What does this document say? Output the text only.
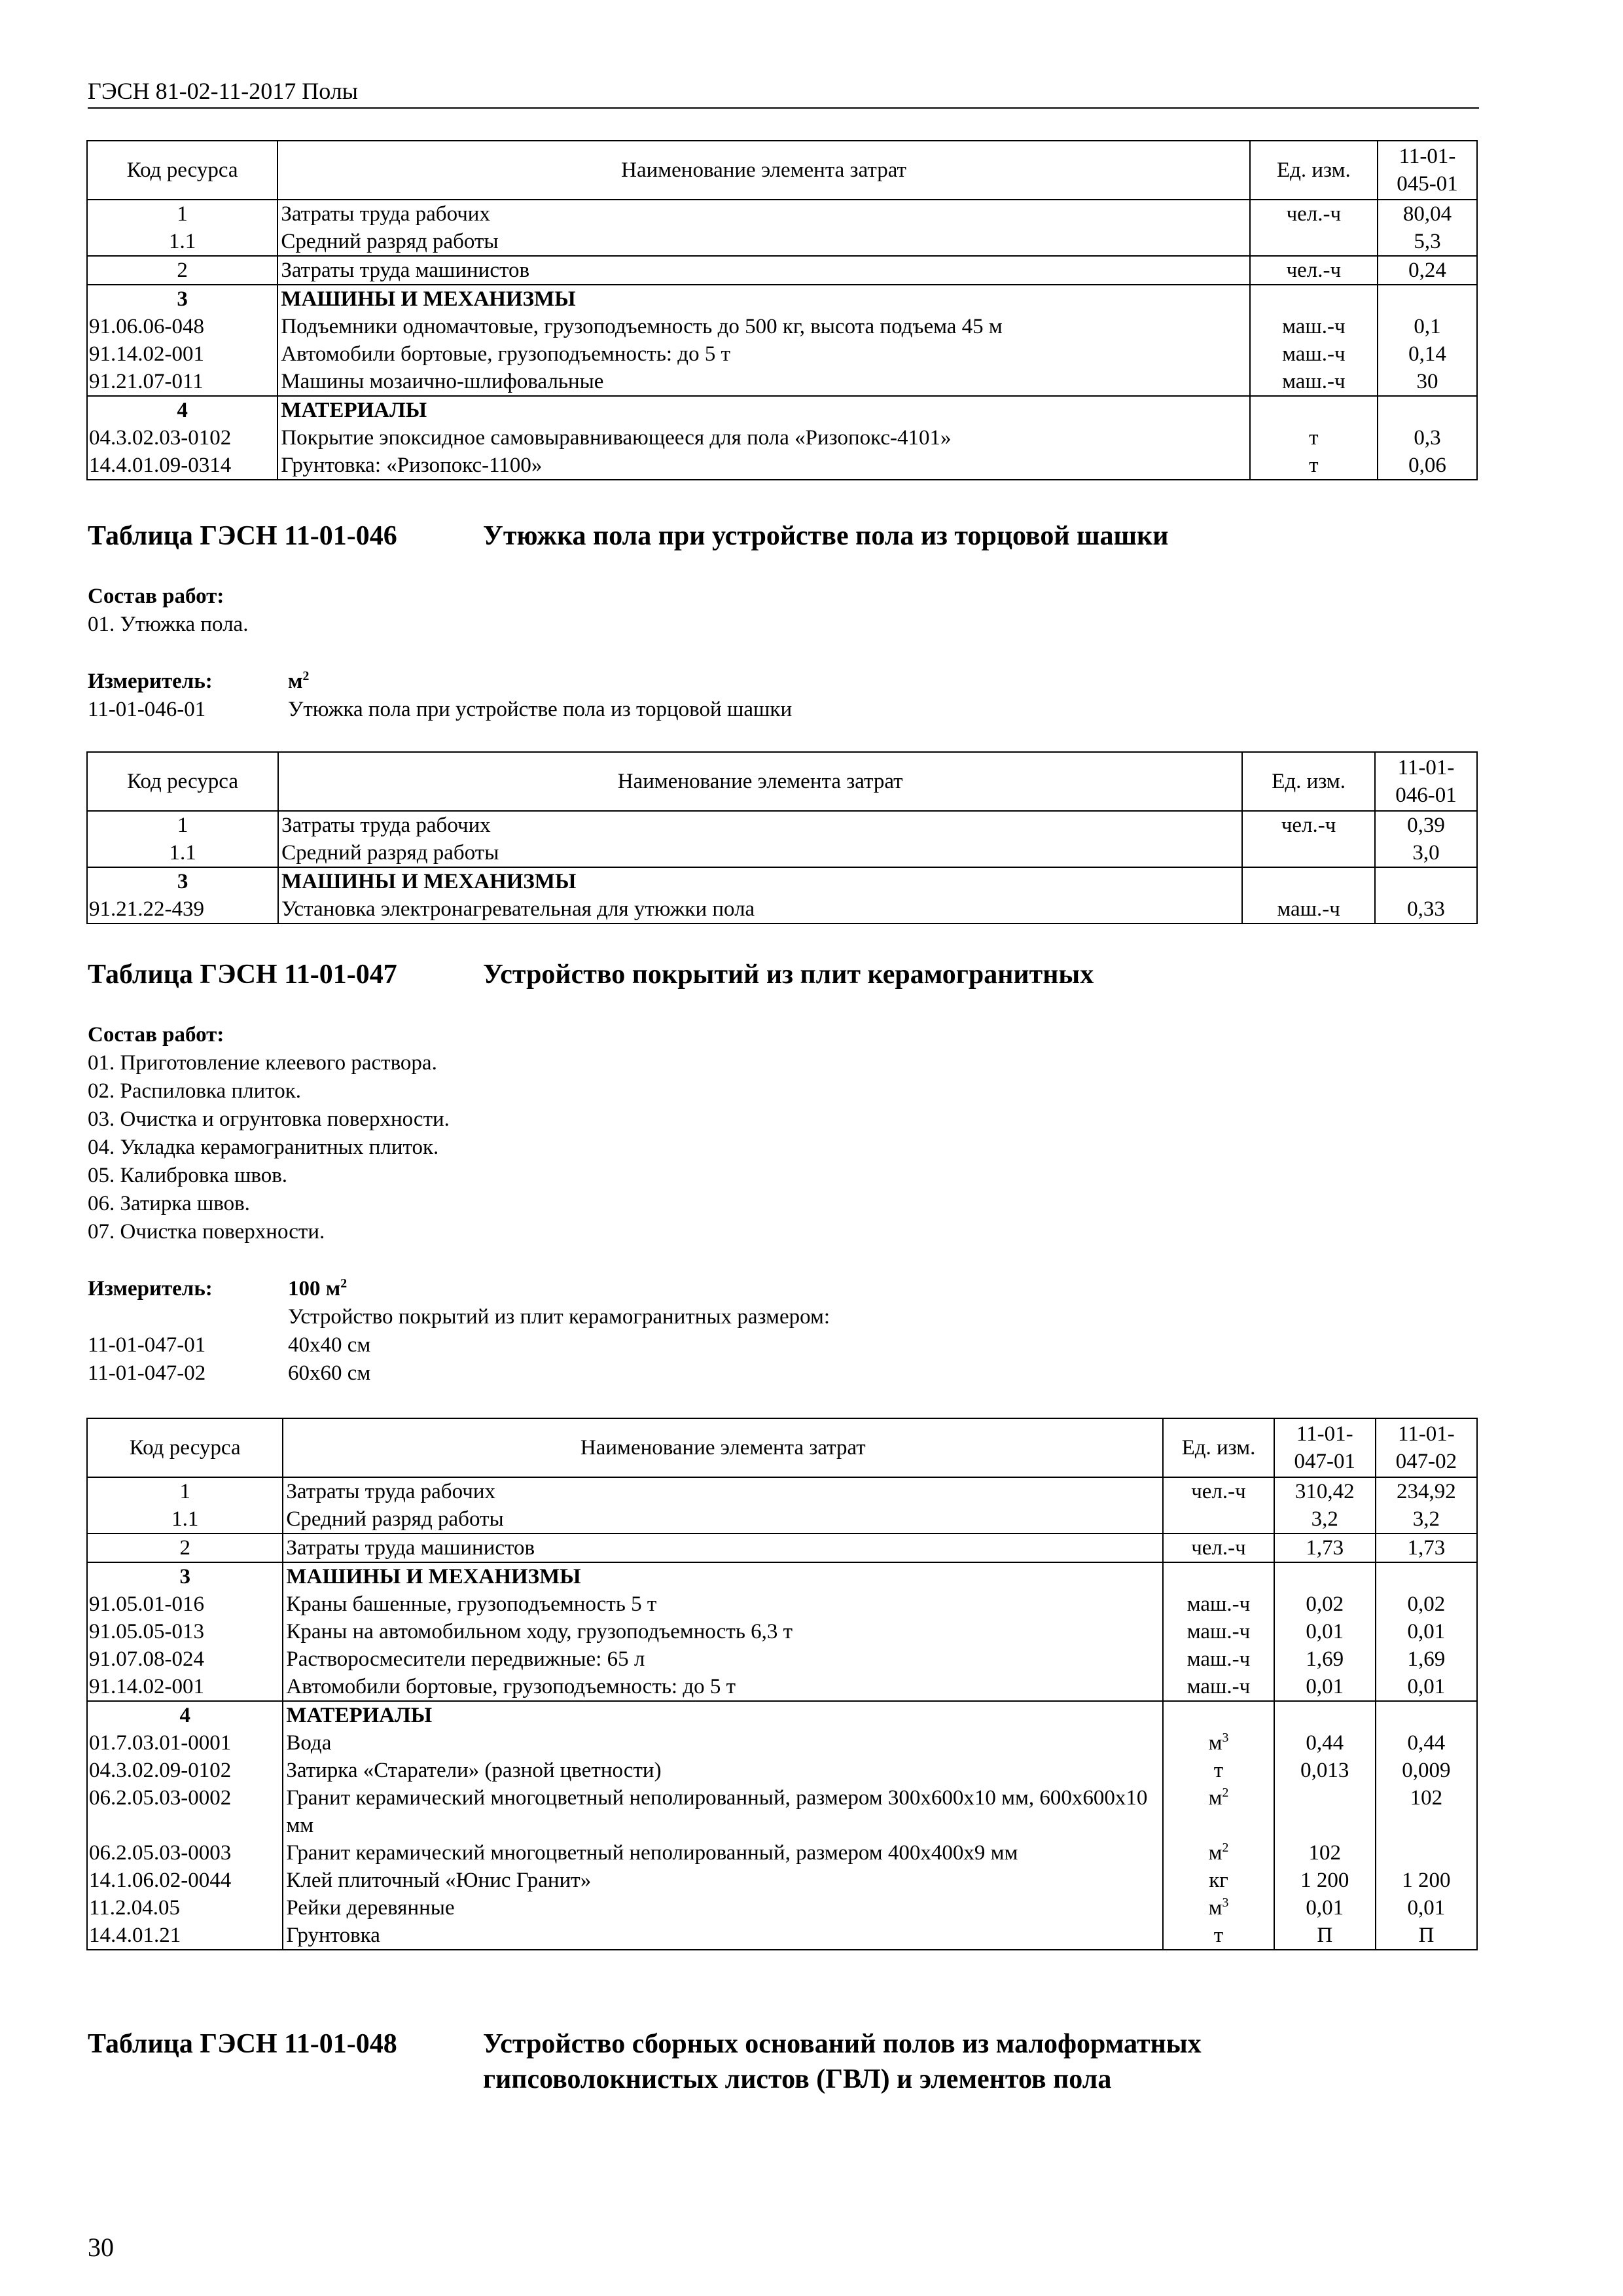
ГЭСН 81-02-11-2017 Полы
Код ресурса	Наименование элемента затрат	Ед. изм.	11-01-045-01
1	Затраты труда рабочих	чел.-ч	80,04
1.1	Средний разряд работы		5,3
2	Затраты труда машинистов	чел.-ч	0,24
3	МАШИНЫ И МЕХАНИЗМЫ		
91.06.06-048	Подъемники одномачтовые, грузоподъемность до 500 кг, высота подъема 45 м	маш.-ч	0,1
91.14.02-001	Автомобили бортовые, грузоподъемность: до 5 т	маш.-ч	0,14
91.21.07-011	Машины мозаично-шлифовальные	маш.-ч	30
4	МАТЕРИАЛЫ		
04.3.02.03-0102	Покрытие эпоксидное самовыравнивающееся для пола «Ризопокс-4101»	т	0,3
14.4.01.09-0314	Грунтовка: «Ризопокс-1100»	т	0,06
Таблица ГЭСН 11-01-046	Утюжка пола при устройстве пола из торцовой шашки
Состав работ:
01. Утюжка пола.
Измеритель:	$м^2$
11-01-046-01	Утюжка пола при устройстве пола из торцовой шашки
Код ресурса	Наименование элемента затрат	Ед. изм.	11-01-046-01
1	Затраты труда рабочих	чел.-ч	0,39
1.1	Средний разряд работы		3,0
3	МАШИНЫ И МЕХАНИЗМЫ		
91.21.22-439	Установка электронагревательная для утюжки пола	маш.-ч	0,33
Таблица ГЭСН 11-01-047	Устройство покрытий из плит керамогранитных
Состав работ:
01. Приготовление клеевого раствора.
02. Распиловка плиток.
03. Очистка и огрунтовка поверхности.
04. Укладка керамогранитных плиток.
05. Калибровка швов.
06. Затирка швов.
07. Очистка поверхности.
Измеритель:	100 $м^2$
Устройство покрытий из плит керамогранитных размером:
11-01-047-01	40x40 см
11-01-047-02	60x60 см
Код ресурса	Наименование элемента затрат	Ед. изм.	11-01-047-01	11-01-047-02
1	Затраты труда рабочих	чел.-ч	310,42	234,92
1.1	Средний разряд работы		3,2	3,2
2	Затраты труда машинистов	чел.-ч	1,73	1,73
3	МАШИНЫ И МЕХАНИЗМЫ			
91.05.01-016	Краны башенные, грузоподъемность 5 т	маш.-ч	0,02	0,02
91.05.05-013	Краны на автомобильном ходу, грузоподъемность 6,3 т	маш.-ч	0,01	0,01
91.07.08-024	Растворосмесители передвижные: 65 л	маш.-ч	1,69	1,69
91.14.02-001	Автомобили бортовые, грузоподъемность: до 5 т	маш.-ч	0,01	0,01
4	МАТЕРИАЛЫ			
01.7.03.01-0001	Вода	$м^3$	0,44	0,44
04.3.02.09-0102	Затирка «Старатели» (разной цветности)	т	0,013	0,009
06.2.05.03-0002	Гранит керамический многоцветный неполированный, размером 300x600x10 мм, 600x600x10 мм	$м^2$		102
06.2.05.03-0003	Гранит керамический многоцветный неполированный, размером 400x400x9 мм	$м^2$	102	
14.1.06.02-0044	Клей плиточный «Юнис Гранит»	кг	1 200	1 200
11.2.04.05	Рейки деревянные	$м^3$	0,01	0,01
14.4.01.21	Грунтовка	т	П	П
Таблица ГЭСН 11-01-048	Устройство сборных оснований полов из малоформатных гипсоволокнистых листов (ГВЛ) и элементов пола
30
